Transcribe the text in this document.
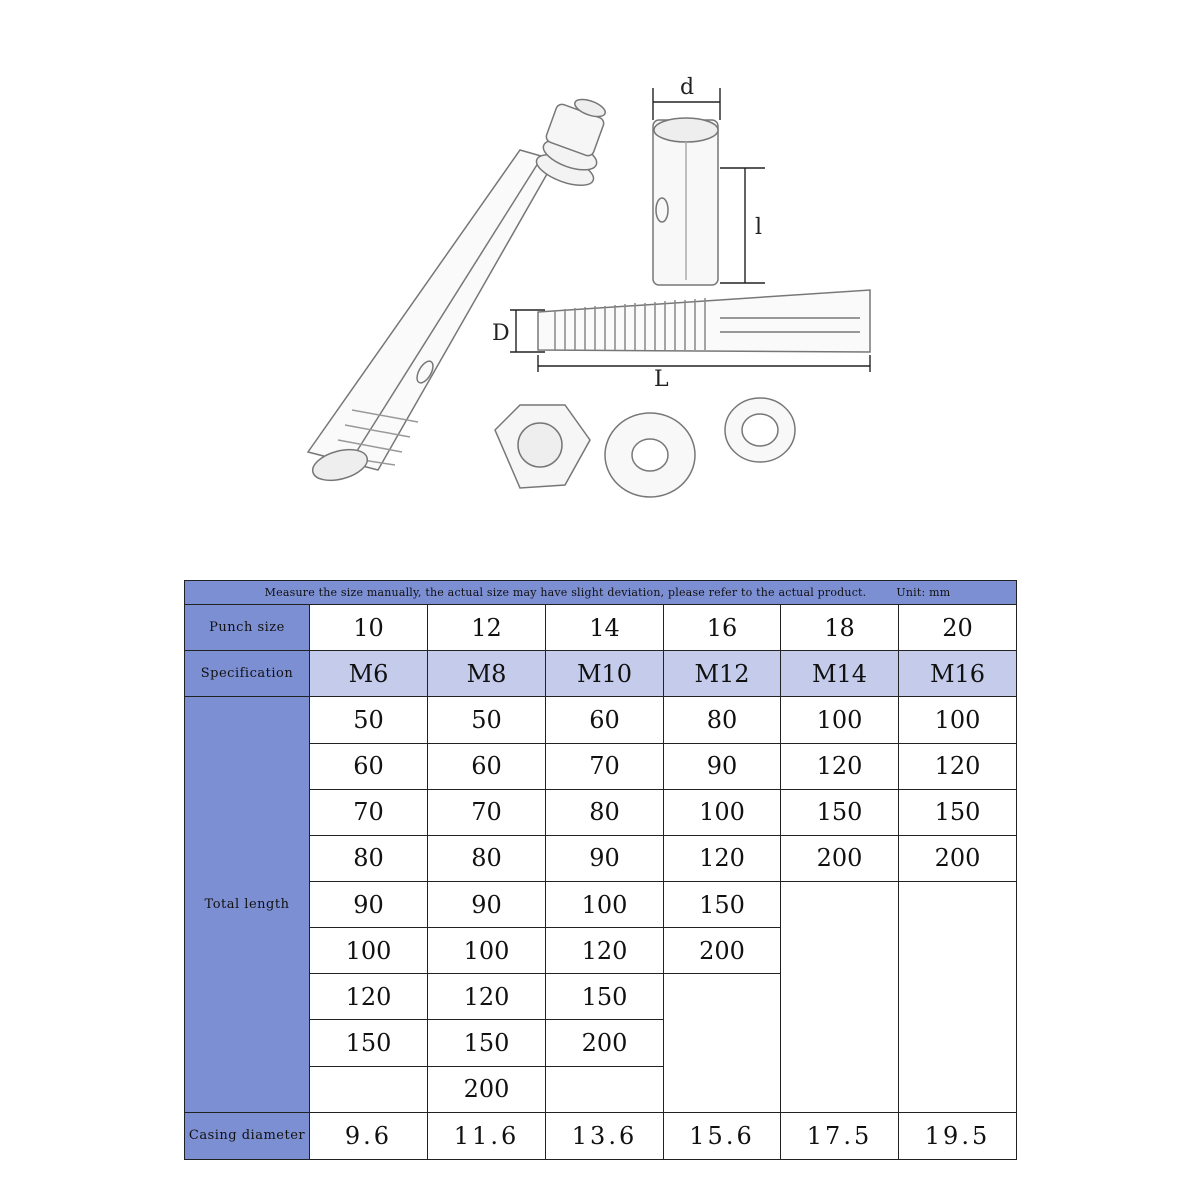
d
l
D
L
Measure the size manually, the actual size may have slight deviation, please refer to the actual product. Unit: mm						
Punch size	10	12	14	16	18	20
Specification	M6	M8	M10	M12	M14	M16
Total length	50	50	60	80	100	100
	60	60	70	90	120	120
	70	70	80	100	150	150
	80	80	90	120	200	200
	90	90	100	150		
	100	100	120	200		
	120	120	150			
	150	150	200			
		200				
Casing diameter	9.6	11.6	13.6	15.6	17.5	19.5
